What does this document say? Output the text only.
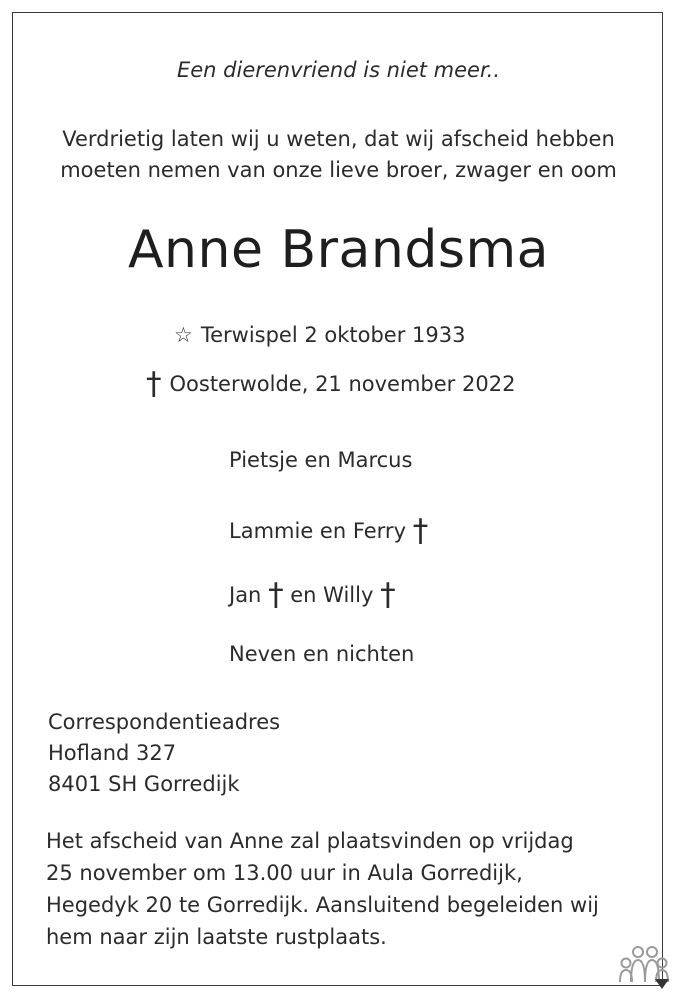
Een dierenvriend is niet meer..
Verdrietig laten wij u weten, dat wij afscheid hebben
moeten nemen van onze lieve broer, zwager en oom
Anne Brandsma
☆ Terwispel 2 oktober 1933
† Oosterwolde, 21 november 2022
Pietsje en Marcus
Lammie en Ferry †
Jan † en Willy †
Neven en nichten
Correspondentieadres
Hofland 327
8401 SH Gorredijk
Het afscheid van Anne zal plaatsvinden op vrijdag
25 november om 13.00 uur in Aula Gorredijk,
Hegedyk 20 te Gorredijk. Aansluitend begeleiden wij
hem naar zijn laatste rustplaats.
